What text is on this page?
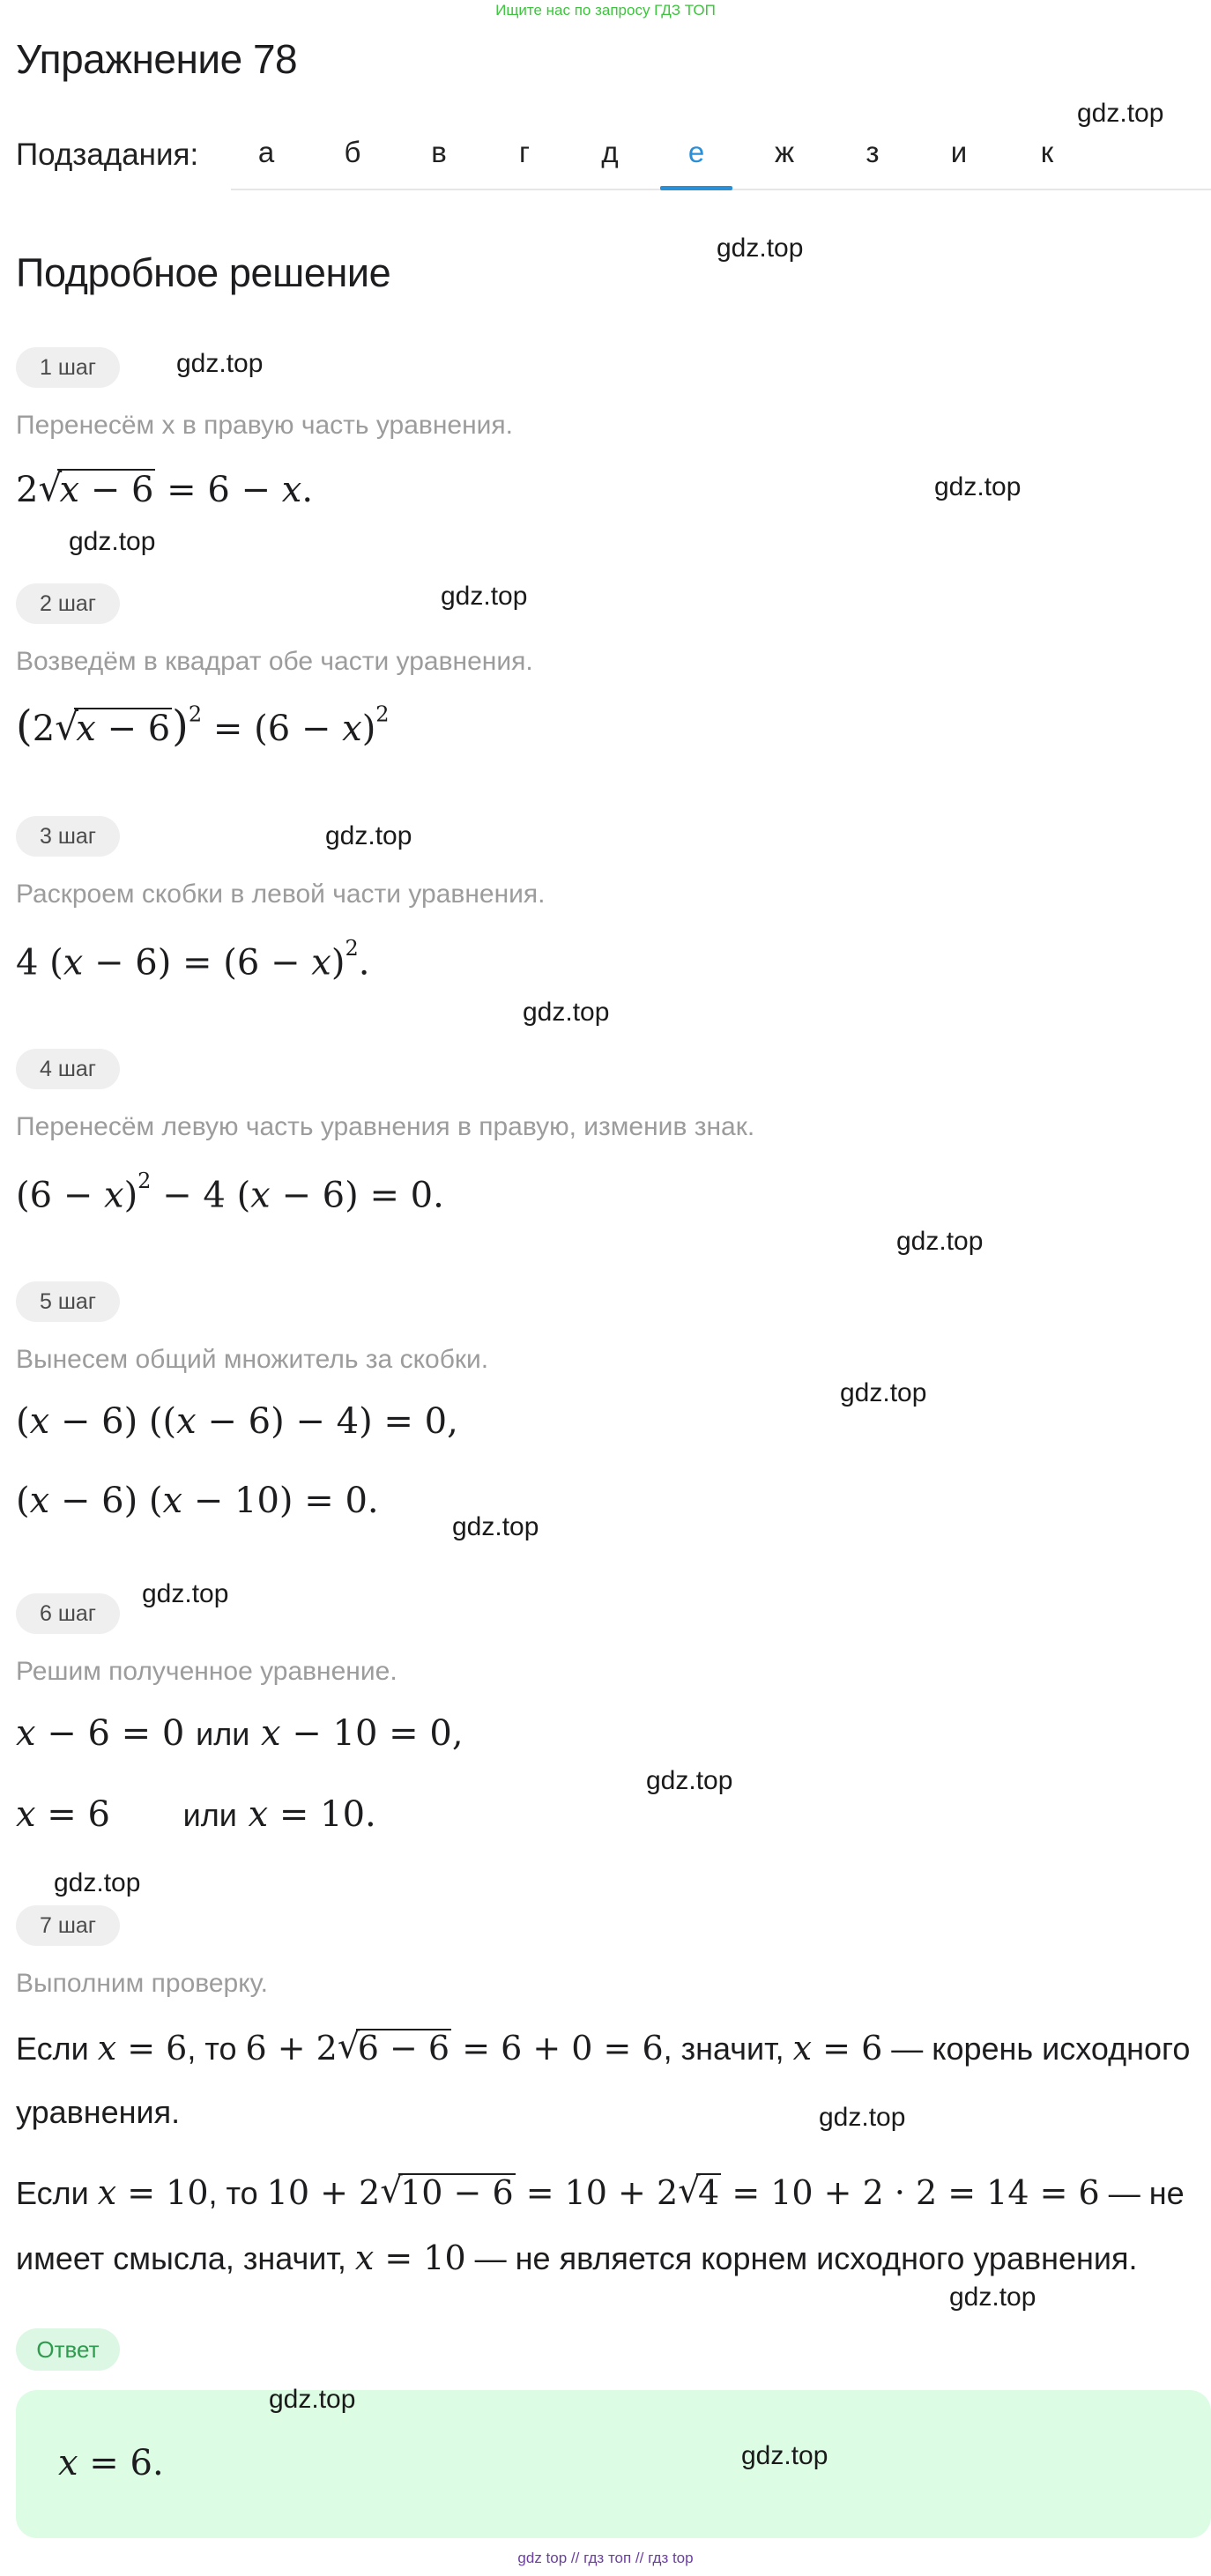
Ищите нас по запросу ГДЗ ТОП
Упражнение 78
gdz.top
Подзадания:	а	б	в	г	д	е	ж	з	и	к
Подробное решение
gdz.top
1 шаг	gdz.top
Перенесём x в правую часть уравнения.
2 √ x − 6 = 6 − x.	gdz.top
gdz.top
2 шаг	gdz.top
Возведём в квадрат обе части уравнения.
(2 √ $x - 6)^2 = (6 - x)^2$
3 шаг	gdz.top
Раскроем скобки в левой части уравнения.
4 $(x - 6) = (6 - x)^2$.
gdz.top
4 шаг
Перенесём левую часть уравнения в правую, изменив знак.
$(6 - x)^2 - 4$ (x − 6) = 0.
gdz.top
5 шаг
Вынесем общий множитель за скобки.
(x − 6) ((x − 6) − 4) = 0,
gdz.top
(x − 6) (x − 10) = 0.
gdz.top
6 шаг
gdz.top
Решим полученное уравнение.
x − 6 = 0 или x − 10 = 0,
x = 6 или x = 10.
gdz.top
gdz.top
7 шаг
Выполним проверку.
Если x = 6, то 6 + 2 √ 6 − 6 = 6 + 0 = 6, значит, x = 6 — корень исходного
уравнения.	gdz.top
Если x = 10, то 10 + 2 √ 10 − 6 = 10 + 2 √ 4 = 10 + 2 · 2 = 14 = 6 — не
имеет смысла, значит, x = 10 — не является корнем исходного уравнения.
gdz.top
Ответ
gdz.top
x = 6.	gdz.top
gdz top // гдз топ // гдз top
